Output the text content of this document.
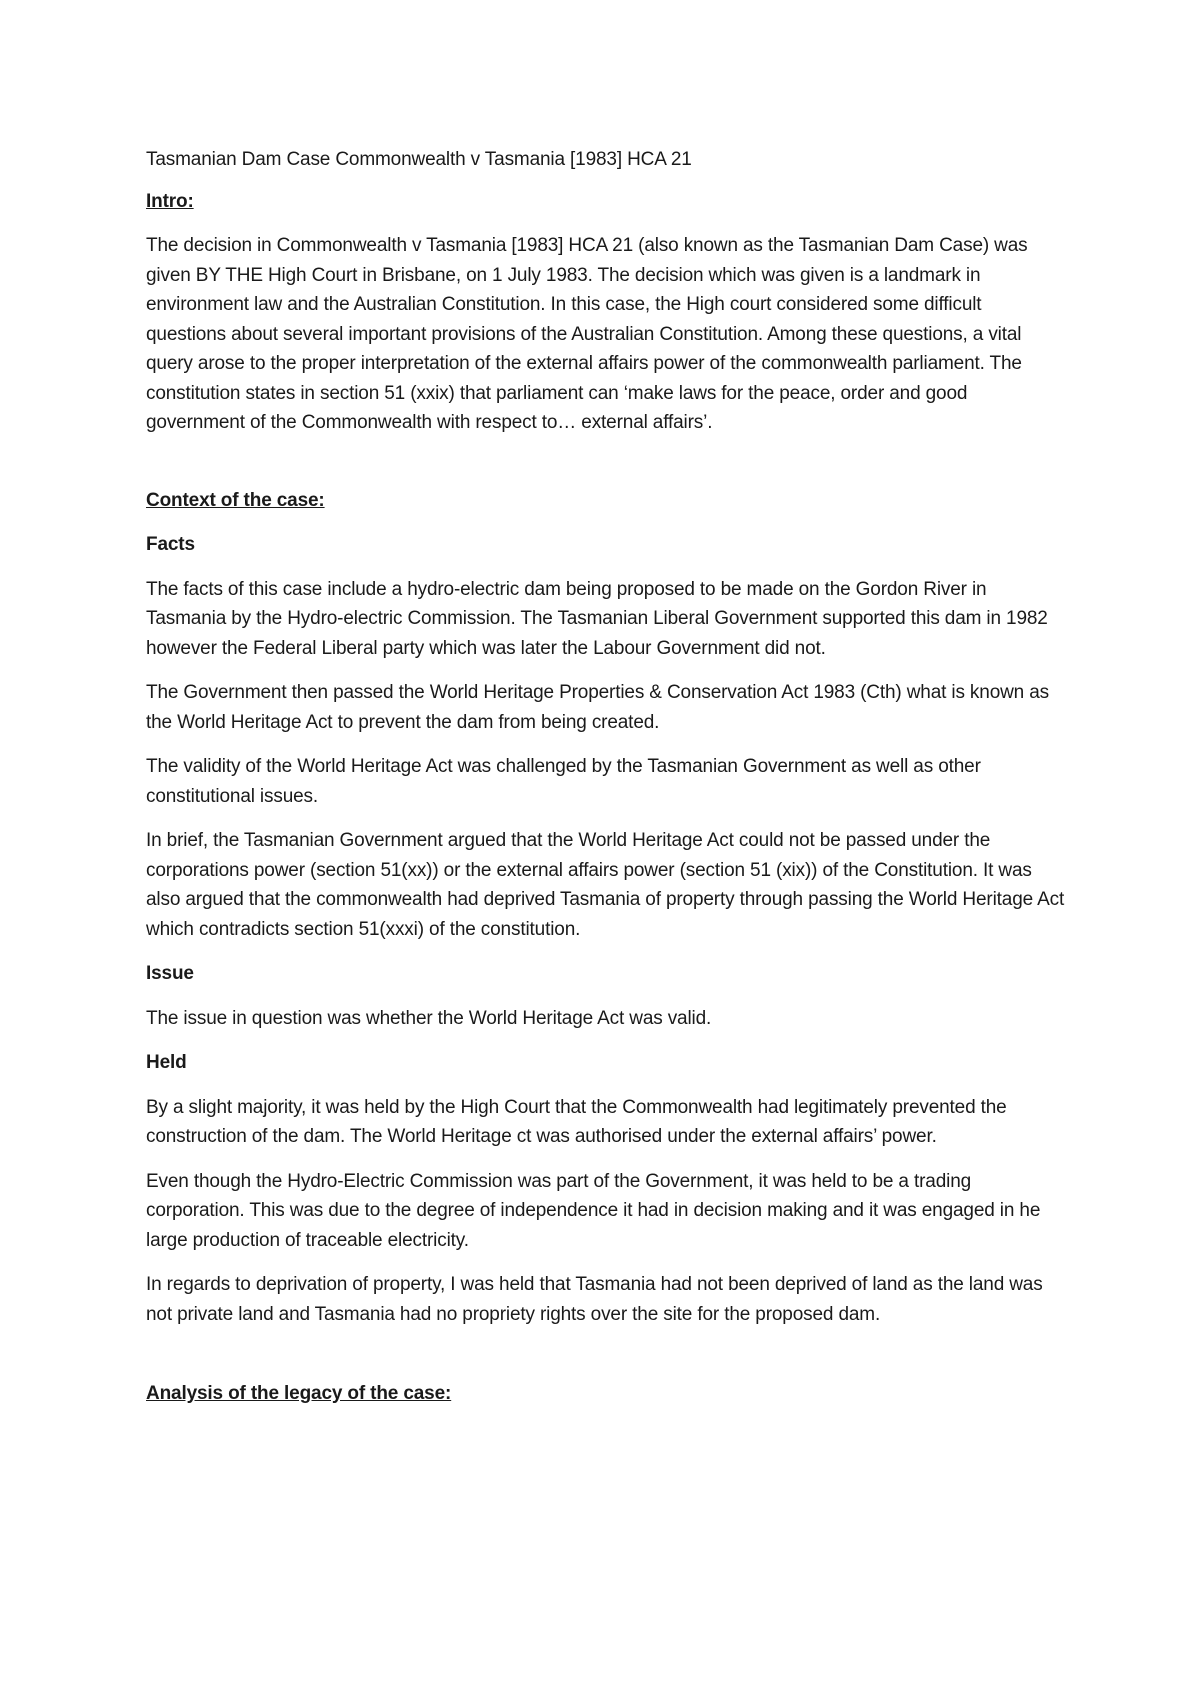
Tasmanian Dam Case Commonwealth v Tasmania [1983] HCA 21

Intro:

The decision in Commonwealth v Tasmania [1983] HCA 21 (also known as the Tasmanian Dam Case) was given BY THE High Court in Brisbane, on 1 July 1983. The decision which was given is a landmark in environment law and the Australian Constitution. In this case, the High court considered some difficult questions about several important provisions of the Australian Constitution. Among these questions, a vital query arose to the proper interpretation of the external affairs power of the commonwealth parliament. The constitution states in section 51 (xxix) that parliament can ‘make laws for the peace, order and good government of the Commonwealth with respect to… external affairs’.

Context of the case:

Facts

The facts of this case include a hydro-electric dam being proposed to be made on the Gordon River in Tasmania by the Hydro-electric Commission. The Tasmanian Liberal Government supported this dam in 1982 however the Federal Liberal party which was later the Labour Government did not.

The Government then passed the World Heritage Properties & Conservation Act 1983 (Cth) what is known as the World Heritage Act to prevent the dam from being created.

The validity of the World Heritage Act was challenged by the Tasmanian Government as well as other constitutional issues.

In brief, the Tasmanian Government argued that the World Heritage Act could not be passed under the corporations power (section 51(xx)) or the external affairs power (section 51 (xix)) of the Constitution. It was also argued that the commonwealth had deprived Tasmania of property through passing the World Heritage Act which contradicts section 51(xxxi) of the constitution.

Issue

The issue in question was whether the World Heritage Act was valid.

Held

By a slight majority, it was held by the High Court that the Commonwealth had legitimately prevented the construction of the dam. The World Heritage ct was authorised under the external affairs’ power.

Even though the Hydro-Electric Commission was part of the Government, it was held to be a trading corporation. This was due to the degree of independence it had in decision making and it was engaged in he large production of traceable electricity.

In regards to deprivation of property, I was held that Tasmania had not been deprived of land as the land was not private land and Tasmania had no propriety rights over the site for the proposed dam.

Analysis of the legacy of the case:
